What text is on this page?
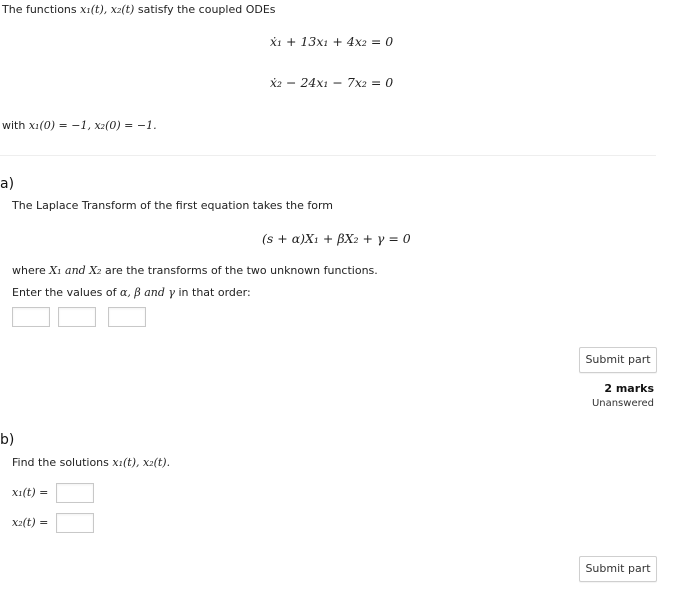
The functions x₁(t), x₂(t) satisfy the coupled ODEs
ẋ₁ + 13x₁ + 4x₂ = 0
ẋ₂ − 24x₁ − 7x₂ = 0
with x₁(0) = −1, x₂(0) = −1.
a)
The Laplace Transform of the first equation takes the form
(s + α)X₁ + βX₂ + γ = 0
where X₁ and X₂ are the transforms of the two unknown functions.
Enter the values of α, β and γ in that order:
Submit part
2 marks
Unanswered
b)
Find the solutions x₁(t), x₂(t).
x₁(t) =
x₂(t) =
Submit part
